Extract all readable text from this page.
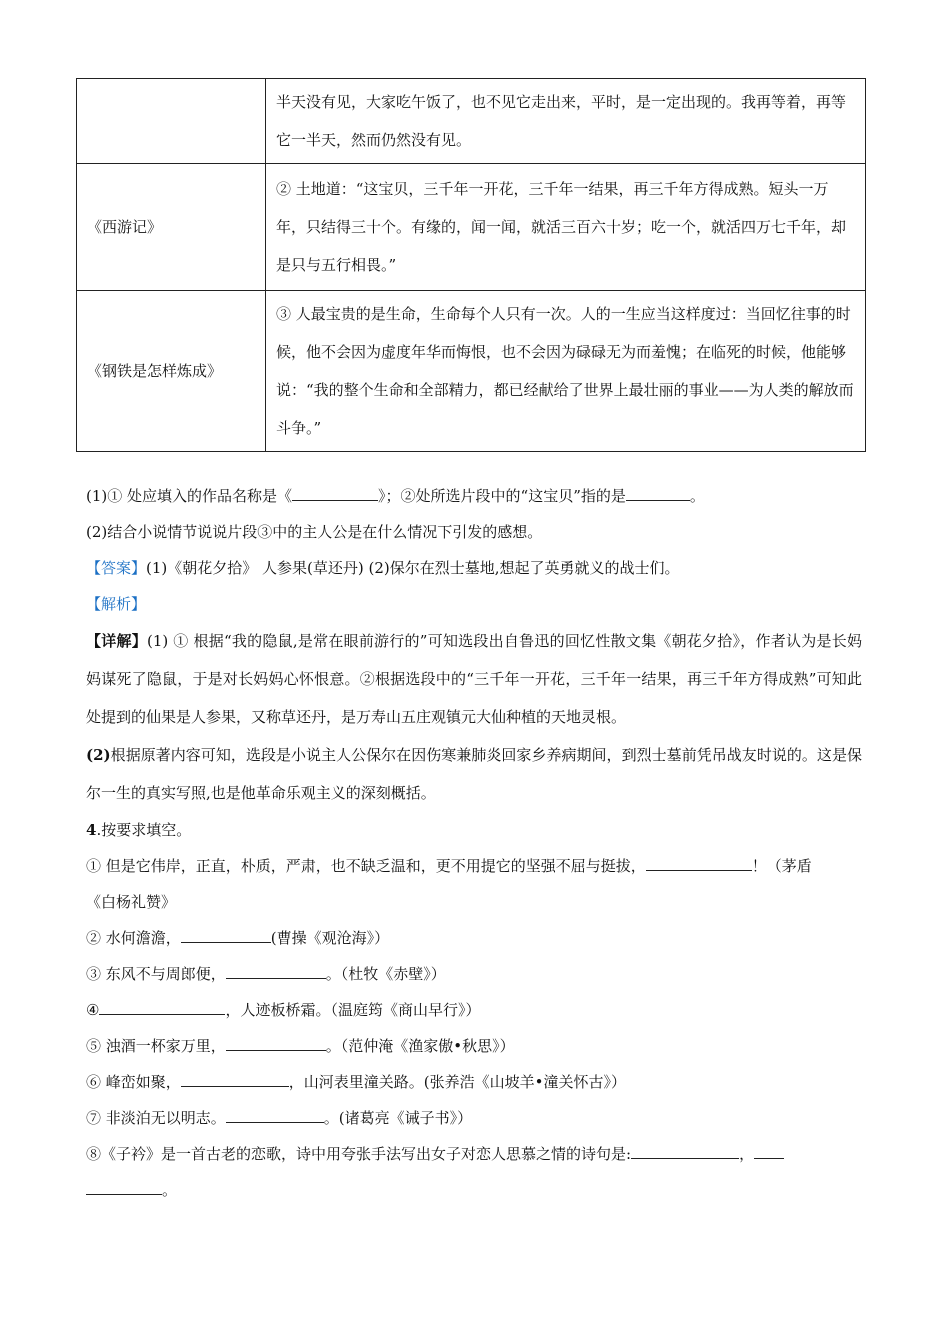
	半天没有见，大家吃午饭了，也不见它走出来，平时，是一定出现的。我再等着，再等它一半天，然而仍然没有见。
《西游记》	② 土地道：“这宝贝，三千年一开花，三千年一结果，再三千年方得成熟。短头一万年，只结得三十个。有缘的，闻一闻，就活三百六十岁；吃一个，就活四万七千年，却是只与五行相畏。”
《钢铁是怎样炼成》	③ 人最宝贵的是生命，生命每个人只有一次。人的一生应当这样度过：当回忆往事的时候，他不会因为虚度年华而悔恨，也不会因为碌碌无为而羞愧；在临死的时候，他能够说：“我的整个生命和全部精力，都已经献给了世界上最壮丽的事业——为人类的解放而斗争。”
(1)① 处应填入的作品名称是《	》；②处所选片段中的“这宝贝”指的是	。
(2)结合小说情节说说片段③中的主人公是在什么情况下引发的感想。
【答案】(1)《朝花夕拾》 人参果(草还丹) (2)保尔在烈士墓地,想起了英勇就义的战士们。
【解析】
【详解】(1) ① 根据“我的隐鼠,是常在眼前游行的”可知选段出自鲁迅的回忆性散文集《朝花夕拾》，作者认为是长妈妈谋死了隐鼠，于是对长妈妈心怀恨意。②根据选段中的“三千年一开花，三千年一结果，再三千年方得成熟”可知此处提到的仙果是人参果，又称草还丹，是万寿山五庄观镇元大仙种植的天地灵根。
(2)根据原著内容可知，选段是小说主人公保尔在因伤寒兼肺炎回家乡养病期间，到烈士墓前凭吊战友时说的。这是保尔一生的真实写照,也是他革命乐观主义的深刻概括。
4.按要求填空。
① 但是它伟岸，正直，朴质，严肃，也不缺乏温和，更不用提它的坚强不屈与挺拔，	！（茅盾
《白杨礼赞》
② 水何澹澹，	(曹操《观沧海》）
③ 东风不与周郎便，	。（杜牧《赤壁》）
④	，人迹板桥霜。（温庭筠《商山早行》）
⑤ 浊酒一杯家万里，	。（范仲淹《渔家傲•秋思》）
⑥ 峰峦如聚，	，山河表里潼关路。(张养浩《山坡羊•潼关怀古》）
⑦ 非淡泊无以明志。	。(诸葛亮《诫子书》）
⑧《子衿》是一首古老的恋歌，诗中用夸张手法写出女子对恋人思慕之情的诗句是:	，
。
